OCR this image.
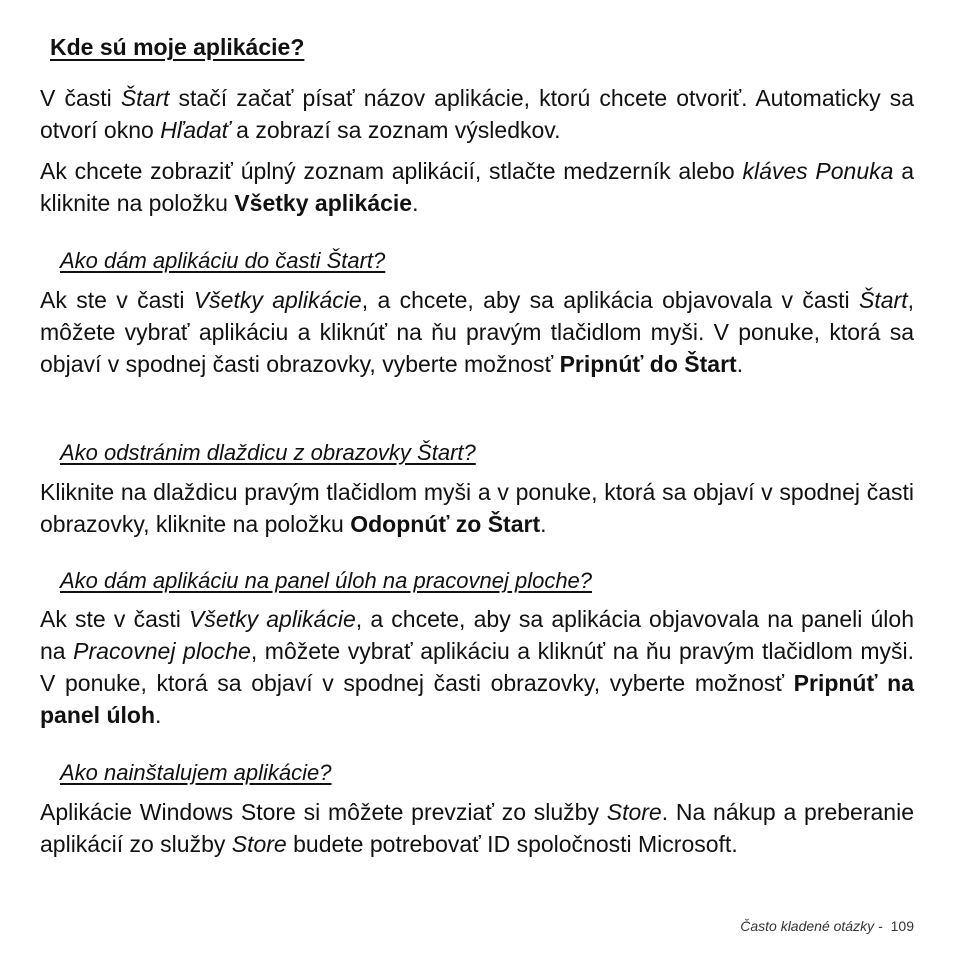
Kde sú moje aplikácie?

V časti Štart stačí začať písať názov aplikácie, ktorú chcete otvoriť. Automaticky sa otvorí okno Hľadať a zobrazí sa zoznam výsledkov.

Ak chcete zobraziť úplný zoznam aplikácií, stlačte medzerník alebo kláves Ponuka a kliknite na položku Všetky aplikácie.

Ako dám aplikáciu do časti Štart?

Ak ste v časti Všetky aplikácie, a chcete, aby sa aplikácia objavovala v časti Štart, môžete vybrať aplikáciu a kliknúť na ňu pravým tlačidlom myši. V ponuke, ktorá sa objaví v spodnej časti obrazovky, vyberte možnosť Pripnúť do Štart.

Ako odstránim dlaždicu z obrazovky Štart?

Kliknite na dlaždicu pravým tlačidlom myši a v ponuke, ktorá sa objaví v spodnej časti obrazovky, kliknite na položku Odopnúť zo Štart.

Ako dám aplikáciu na panel úloh na pracovnej ploche?

Ak ste v časti Všetky aplikácie, a chcete, aby sa aplikácia objavovala na paneli úloh na Pracovnej ploche, môžete vybrať aplikáciu a kliknúť na ňu pravým tlačidlom myši. V ponuke, ktorá sa objaví v spodnej časti obrazovky, vyberte možnosť Pripnúť na panel úloh.

Ako nainštalujem aplikácie?

Aplikácie Windows Store si môžete prevziať zo služby Store. Na nákup a preberanie aplikácií zo služby Store budete potrebovať ID spoločnosti Microsoft.

Často kladené otázky - 109
